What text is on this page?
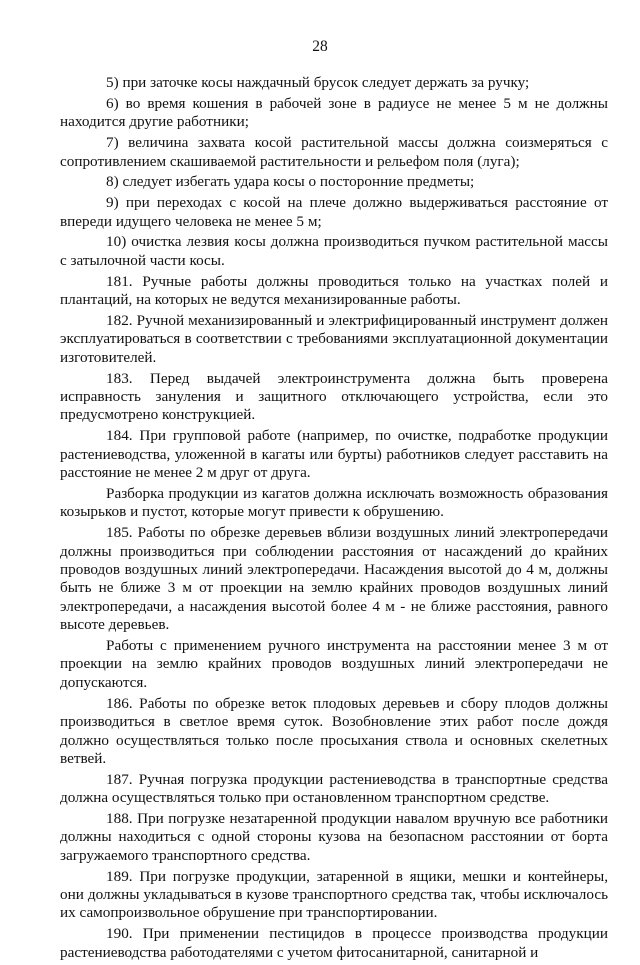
28

5) при заточке косы наждачный брусок следует держать за ручку;

6) во время кошения в рабочей зоне в радиусе не менее 5 м не должны находится другие работники;

7) величина захвата косой растительной массы должна соизмеряться с сопротивлением скашиваемой растительности и рельефом поля (луга);

8) следует избегать удара косы о посторонние предметы;

9) при переходах с косой на плече должно выдерживаться расстояние от впереди идущего человека не менее 5 м;

10) очистка лезвия косы должна производиться пучком растительной массы с затылочной части косы.

181. Ручные работы должны проводиться только на участках полей и плантаций, на которых не ведутся механизированные работы.

182. Ручной механизированный и электрифицированный инструмент должен эксплуатироваться в соответствии с требованиями эксплуатационной документации изготовителей.

183. Перед выдачей электроинструмента должна быть проверена исправность зануления и защитного отключающего устройства, если это предусмотрено конструкцией.

184. При групповой работе (например, по очистке, подработке продукции растениеводства, уложенной в кагаты или бурты) работников следует расставить на расстояние не менее 2 м друг от друга.

Разборка продукции из кагатов должна исключать возможность образования козырьков и пустот, которые могут привести к обрушению.

185. Работы по обрезке деревьев вблизи воздушных линий электропередачи должны производиться при соблюдении расстояния от насаждений до крайних проводов воздушных линий электропередачи. Насаждения высотой до 4 м, должны быть не ближе 3 м от проекции на землю крайних проводов воздушных линий электропередачи, а насаждения высотой более 4 м - не ближе расстояния, равного высоте деревьев.

Работы с применением ручного инструмента на расстоянии менее 3 м от проекции на землю крайних проводов воздушных линий электропередачи не допускаются.

186. Работы по обрезке веток плодовых деревьев и сбору плодов должны производиться в светлое время суток. Возобновление этих работ после дождя должно осуществляться только после просыхания ствола и основных скелетных ветвей.

187. Ручная погрузка продукции растениеводства в транспортные средства должна осуществляться только при остановленном транспортном средстве.

188. При погрузке незатаренной продукции навалом вручную все работники должны находиться с одной стороны кузова на безопасном расстоянии от борта загружаемого транспортного средства.

189. При погрузке продукции, затаренной в ящики, мешки и контейнеры, они должны укладываться в кузове транспортного средства так, чтобы исключалось их самопроизвольное обрушение при транспортировании.

190. При применении пестицидов в процессе производства продукции растениеводства работодателями с учетом фитосанитарной, санитарной и
